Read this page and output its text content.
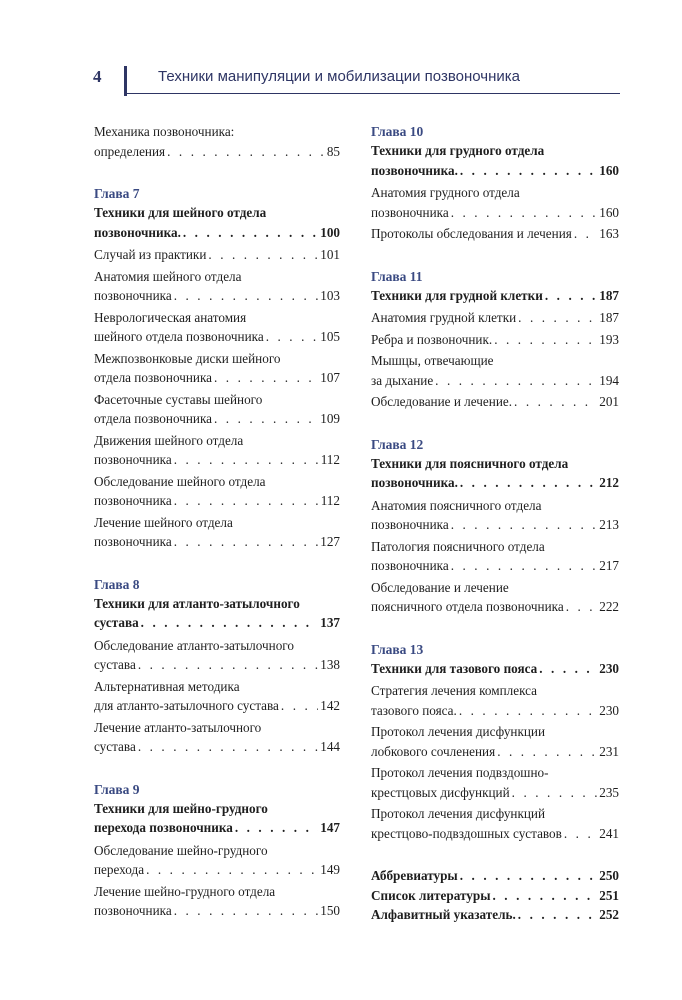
4	Техники манипуляции и мобилизации позвоночника
Механика позвоночника:
определения . . .	85
Глава 7
Техники для шейного отдела
позвоночника. . . .	100
Случай из практики . . .	101
Анатомия шейного отдела
позвоночника . . .	103
Неврологическая анатомия
шейного отдела позвоночника . . .	105
Межпозвонковые диски шейного
отдела позвоночника . . .	107
Фасеточные суставы шейного
отдела позвоночника . . .	109
Движения шейного отдела
позвоночника . . .	112
Обследование шейного отдела
позвоночника . . .	112
Лечение шейного отдела
позвоночника . . .	127
Глава 8
Техники для атланто-затылочного
сустава . . .	137
Обследование атланто-затылочного
сустава . . .	138
Альтернативная методика
для атланто-затылочного сустава . . .	142
Лечение атланто-затылочного
сустава . . .	144
Глава 9
Техники для шейно-грудного
перехода позвоночника . . .	147
Обследование шейно-грудного
перехода . . .	149
Лечение шейно-грудного отдела
позвоночника . . .	150
Глава 10
Техники для грудного отдела
позвоночника. . . .	160
Анатомия грудного отдела
позвоночника . . .	160
Протоколы обследования и лечения . . . 163
Глава 11
Техники для грудной клетки . . .	187
Анатомия грудной клетки . . .	187
Ребра и позвоночник. . . .	193
Мышцы, отвечающие
за дыхание . . .	194
Обследование и лечение. . . .	201
Глава 12
Техники для поясничного отдела
позвоночника. . . .	212
Анатомия поясничного отдела
позвоночника . . .	213
Патология поясничного отдела
позвоночника . . .	217
Обследование и лечение
поясничного отдела позвоночника . . .	222
Глава 13
Техники для тазового пояса . . .	230
Стратегия лечения комплекса
тазового пояса. . . .	230
Протокол лечения дисфункции
лобкового сочленения . . .	231
Протокол лечения подвздошно-
крестцовых дисфункций . . .	235
Протокол лечения дисфункций
крестцово-подвздошных суставов . . .	241
Аббревиатуры . . .	250
Список литературы . . .	251
Алфавитный указатель. . . .	252
